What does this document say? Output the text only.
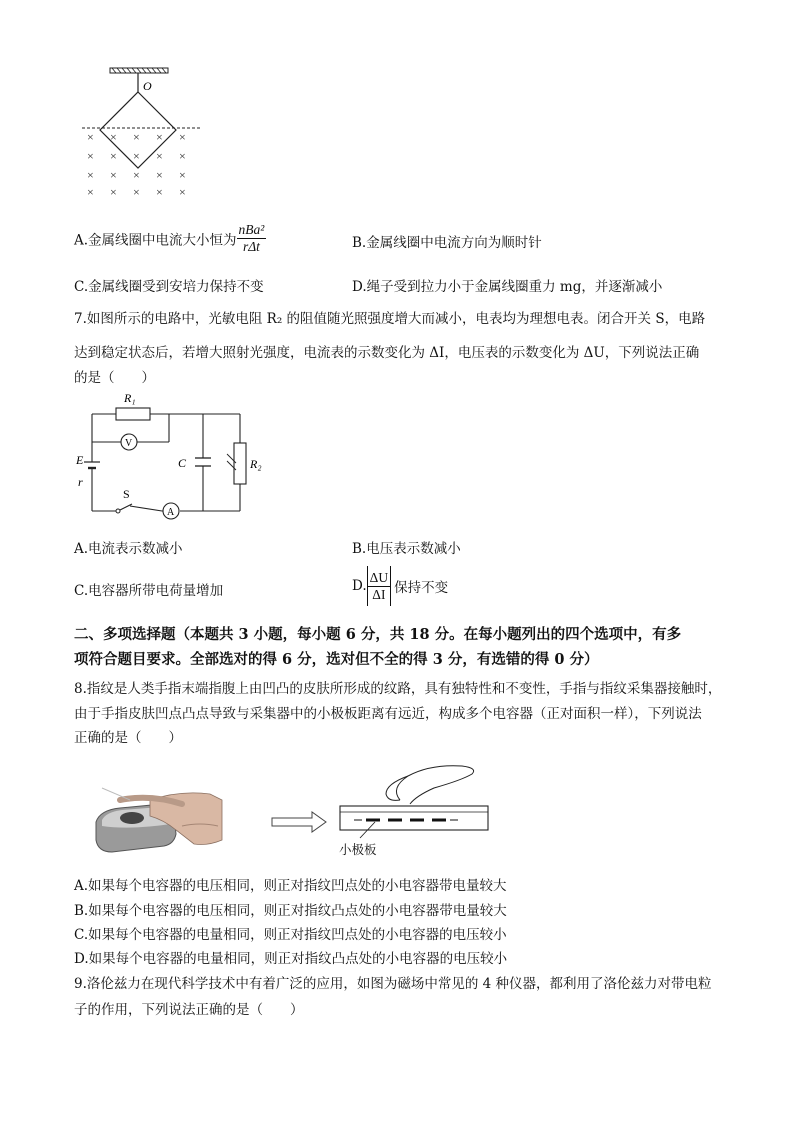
O
× × × × ×
× × × × ×
× × × × ×
× × × × ×
A.金属线圈中电流大小恒为 $\frac{\text{nBa²}}{\text{rΔt}}$	B.金属线圈中电流方向为顺时针
C.金属线圈受到安培力保持不变	D.绳子受到拉力小于金属线圈重力 mg，并逐渐减小
7.如图所示的电路中，光敏电阻 R₂ 的阻值随光照强度增大而减小，电表均为理想电表。闭合开关 S，电路
达到稳定状态后，若增大照射光强度，电流表的示数变化为 ΔI，电压表的示数变化为 ΔU，下列说法正确
的是（　　）
R₁
V
E
r
S
A
C	R₂
A.电流表示数减小	B.电压表示数减小
C.电容器所带电荷量增加	D. $\frac{\Delta U}{\Delta I}$ 保持不变
二、多项选择题（本题共 3 小题，每小题 6 分，共 18 分。在每小题列出的四个选项中，有多
项符合题目要求。全部选对的得 6 分，选对但不全的得 3 分，有选错的得 0 分）
8.指纹是人类手指末端指腹上由凹凸的皮肤所形成的纹路，具有独特性和不变性，手指与指纹采集器接触时，
由于手指皮肤凹点凸点导致与采集器中的小极板距离有远近，构成多个电容器（正对面积一样），下列说法
正确的是（　　）
小极板
A.如果每个电容器的电压相同，则正对指纹凹点处的小电容器带电量较大
B.如果每个电容器的电压相同，则正对指纹凸点处的小电容器带电量较大
C.如果每个电容器的电量相同，则正对指纹凹点处的小电容器的电压较小
D.如果每个电容器的电量相同，则正对指纹凸点处的小电容器的电压较小
9.洛伦兹力在现代科学技术中有着广泛的应用，如图为磁场中常见的 4 种仪器，都利用了洛伦兹力对带电粒
子的作用，下列说法正确的是（　　）
